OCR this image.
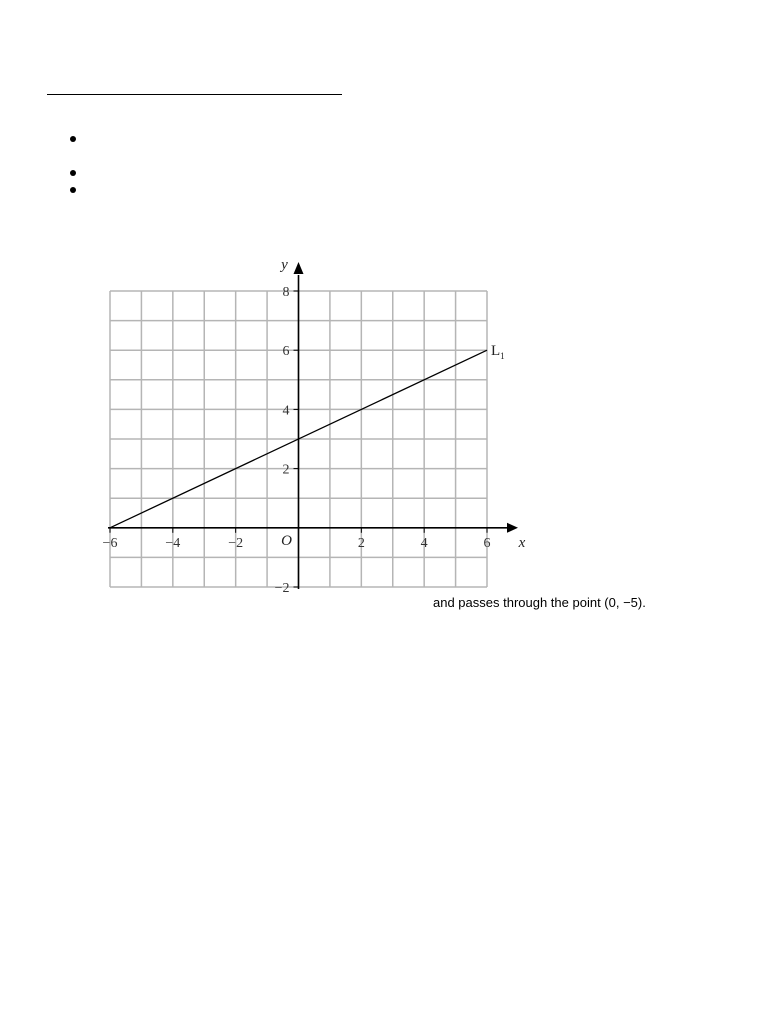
−6	−4	−2	2	4	6
−2
2
4
6
8
O	x
y
$L_1$
and passes through the point (0, −5).
